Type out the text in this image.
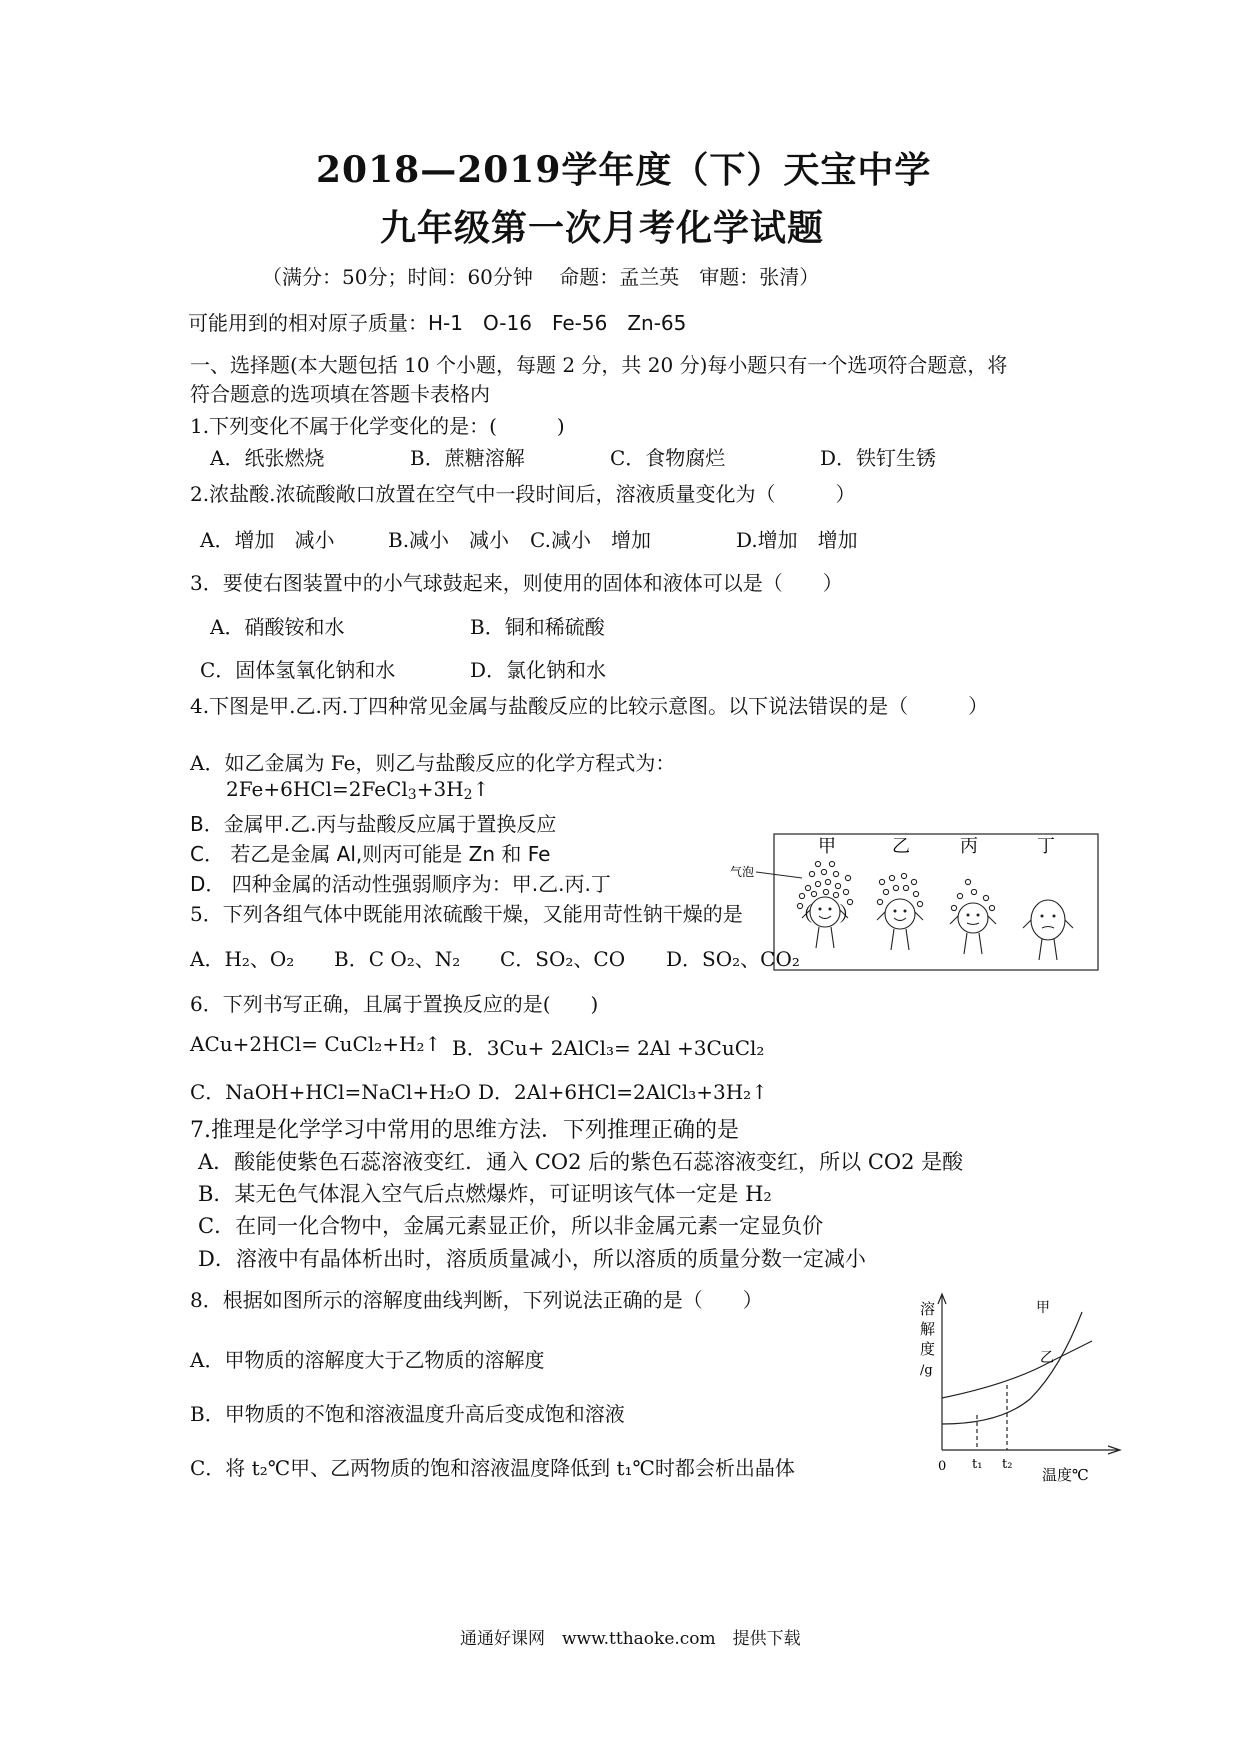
2018—2019学年度（下）天宝中学
九年级第一次月考化学试题
（满分：50分；时间：60分钟　 命题：孟兰英　审题：张清）
可能用到的相对原子质量：H-1　O-16　Fe-56　Zn-65
一、选择题(本大题包括 10 个小题，每题 2 分，共 20 分)每小题只有一个选项符合题意，将
符合题意的选项填在答题卡表格内
1.下列变化不属于化学变化的是：(　　　)
A．纸张燃烧	B．蔗糖溶解	C．食物腐烂	D．铁钉生锈
2.浓盐酸.浓硫酸敞口放置在空气中一段时间后，溶液质量变化为（　　　）
A．增加　减小	B.减小　减小 C.减小　增加	D.增加　增加
3．要使右图装置中的小气球鼓起来，则使用的固体和液体可以是（　　）
A．硝酸铵和水	B．铜和稀硫酸
C．固体氢氧化钠和水	D．氯化钠和水
4.下图是甲.乙.丙.丁四种常见金属与盐酸反应的比较示意图。以下说法错误的是（　　　）
A．如乙金属为 Fe，则乙与盐酸反应的化学方程式为：
$2Fe+6HCl=2FeCl_3+3H_2↑$
B．金属甲.乙.丙与盐酸反应属于置换反应
C． 若乙是金属 Al,则丙可能是 Zn 和 Fe
D． 四种金属的活动性强弱顺序为：甲.乙.丙.丁
甲	乙	丙	丁
气泡
5．下列各组气体中既能用浓硫酸干燥，又能用苛性钠干燥的是　　　（　 ）
A．H₂、O₂ B．C O₂、N₂ C．SO₂、CO D．SO₂、CO₂
6．下列书写正确，且属于置换反应的是(　　)
ACu+2HCl= CuCl₂+H₂↑ B．3Cu+ 2AlCl₃= 2Al +3CuCl₂
C．NaOH+HCl=NaCl+H₂O D．2Al+6HCl=2AlCl₃+3H₂↑
7.推理是化学学习中常用的思维方法．下列推理正确的是
A．酸能使紫色石蕊溶液变红．通入 CO2 后的紫色石蕊溶液变红，所以 CO2 是酸
B．某无色气体混入空气后点燃爆炸，可证明该气体一定是 H₂
C．在同一化合物中，金属元素显正价，所以非金属元素一定显负价
D．溶液中有晶体析出时，溶质质量减小，所以溶质的质量分数一定减小
8．根据如图所示的溶解度曲线判断，下列说法正确的是（　　）
A．甲物质的溶解度大于乙物质的溶解度
B．甲物质的不饱和溶液温度升高后变成饱和溶液
C．将 t₂℃甲、乙两物质的饱和溶液温度降低到 t₁℃时都会析出晶体
溶
解
度
/g
甲
乙
0 t₁ t₂
温度℃
通通好课网　www.tthaoke.com　提供下载
